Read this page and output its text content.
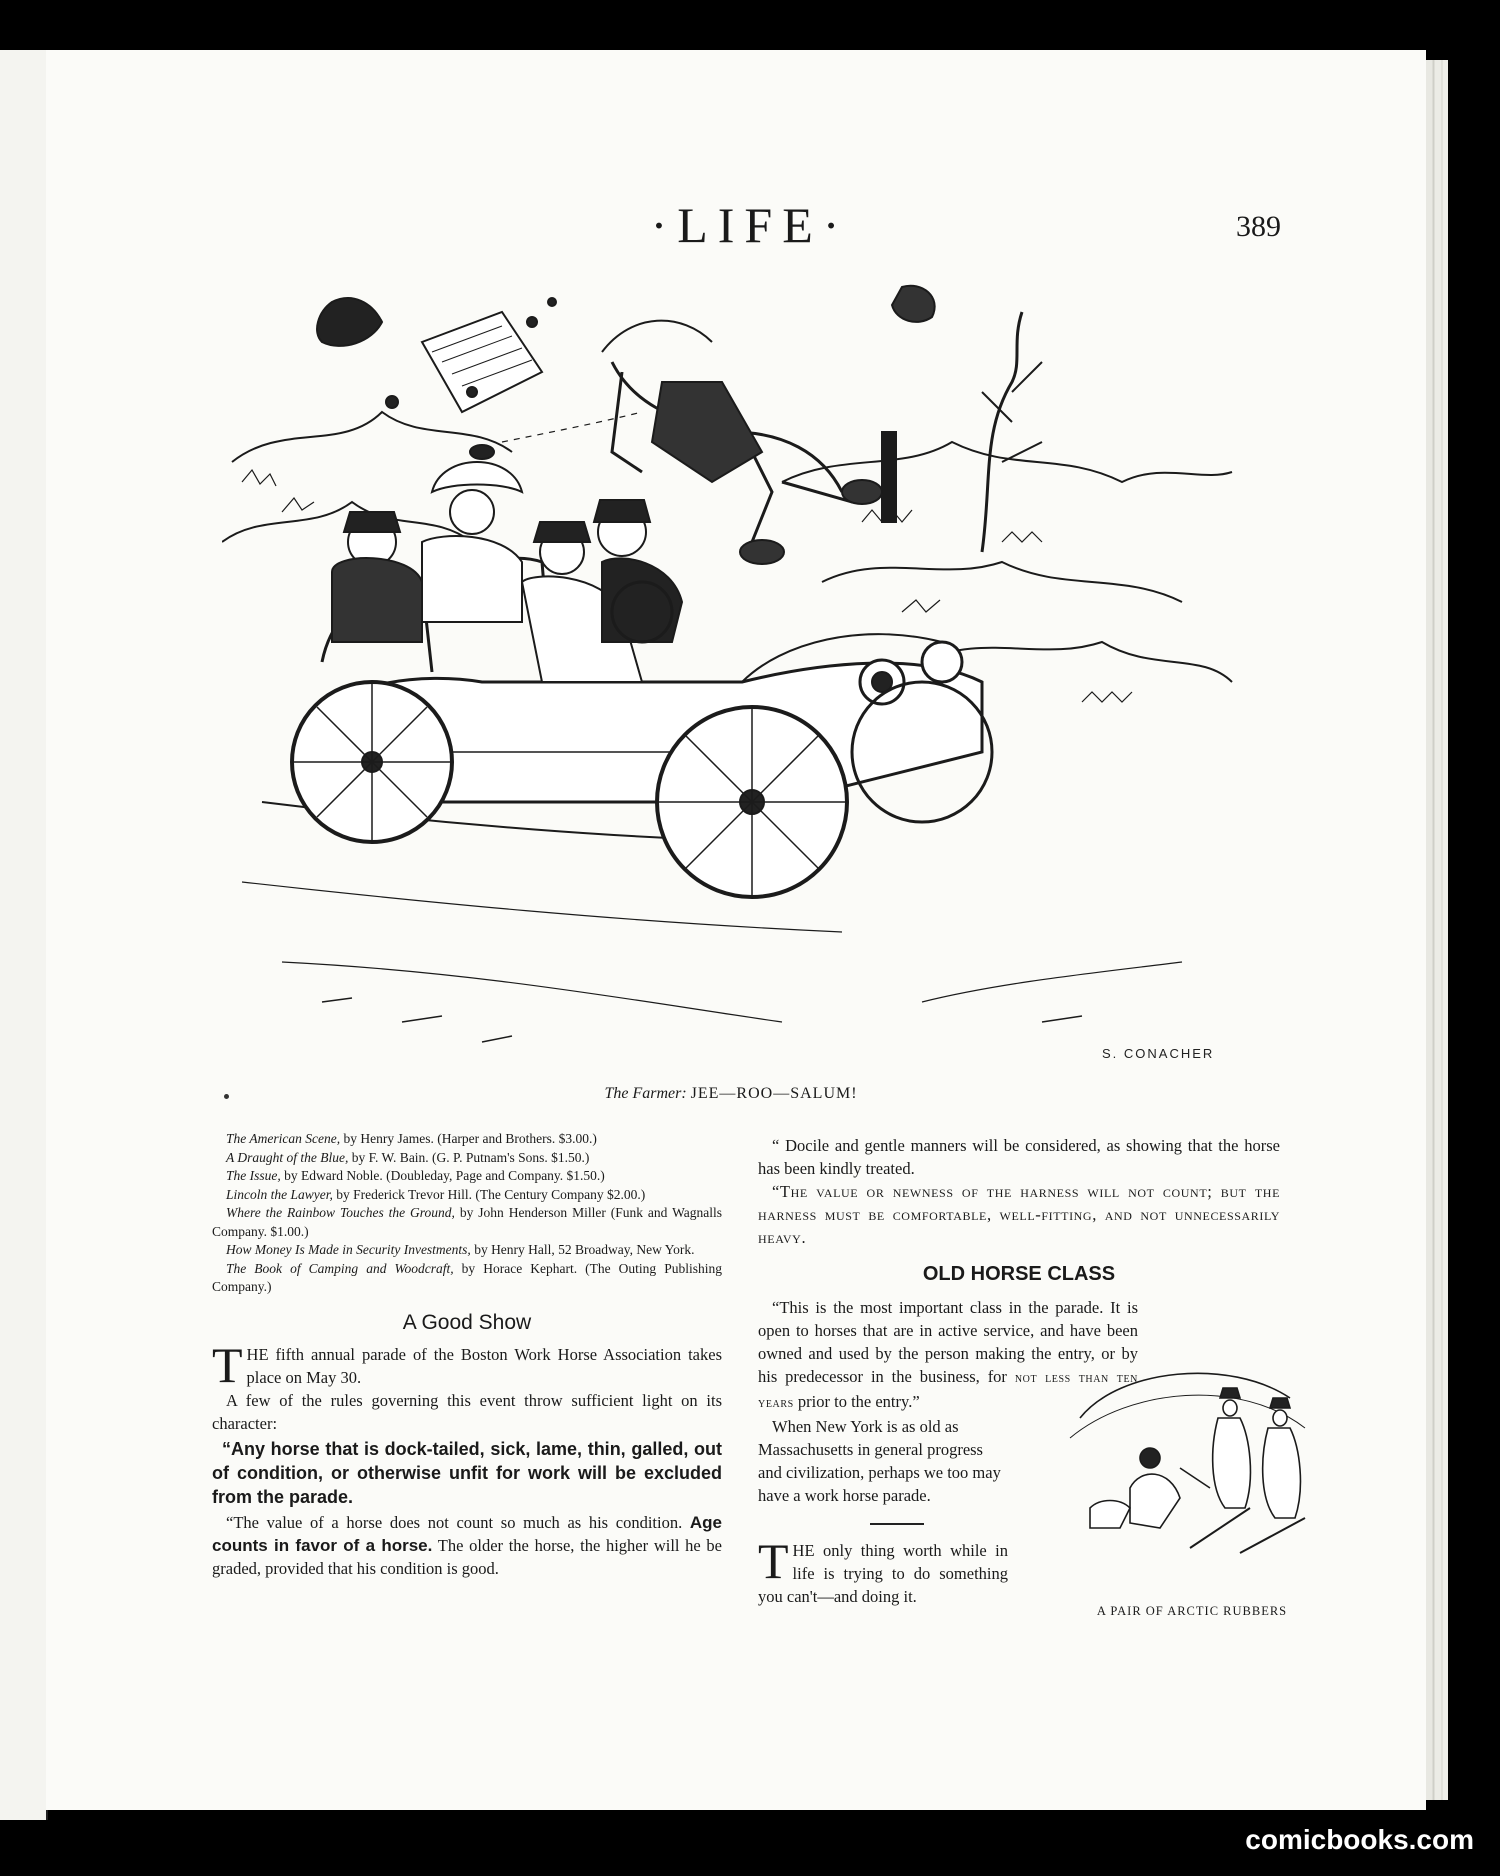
·LIFE·	389
S. CONACHER
The Farmer: JEE—ROO—SALUM!

The American Scene, by Henry James. (Harper and Brothers. $3.00.)

A Draught of the Blue, by F. W. Bain. (G. P. Putnam's Sons. $1.50.)

The Issue, by Edward Noble. (Doubleday, Page and Company. $1.50.)

Lincoln the Lawyer, by Frederick Trevor Hill. (The Century Company $2.00.)

Where the Rainbow Touches the Ground, by John Henderson Miller (Funk and Wagnalls Company. $1.00.)

How Money Is Made in Security Investments, by Henry Hall, 52 Broadway, New York.

The Book of Camping and Woodcraft, by Horace Kephart. (The Outing Publishing Company.)

A Good Show

THE fifth annual parade of the Boston Work Horse Association takes place on May 30.

A few of the rules governing this event throw sufficient light on its character:

“Any horse that is dock-tailed, sick, lame, thin, galled, out of condition, or otherwise unfit for work will be excluded from the parade.

“The value of a horse does not count so much as his condition. Age counts in favor of a horse. The older the horse, the higher will he be graded, provided that his condition is good.

“ Docile and gentle manners will be considered, as showing that the horse has been kindly treated.

“The value or newness of the harness will not count; but the harness must be comfortable, well-fitting, and not unnecessarily heavy.

OLD HORSE CLASS

“This is the most important class in the parade. It is open to horses that are in active service, and have been owned and used by the person making the entry, or by his predecessor in the business, for not less than ten years prior to the entry.”

When New York is as old as Massachusetts in general progress and civilization, perhaps we too may have a work horse parade.

THE only thing worth while in life is trying to do something you can't—and doing it.

A PAIR OF ARCTIC RUBBERS
comicbooks.com
